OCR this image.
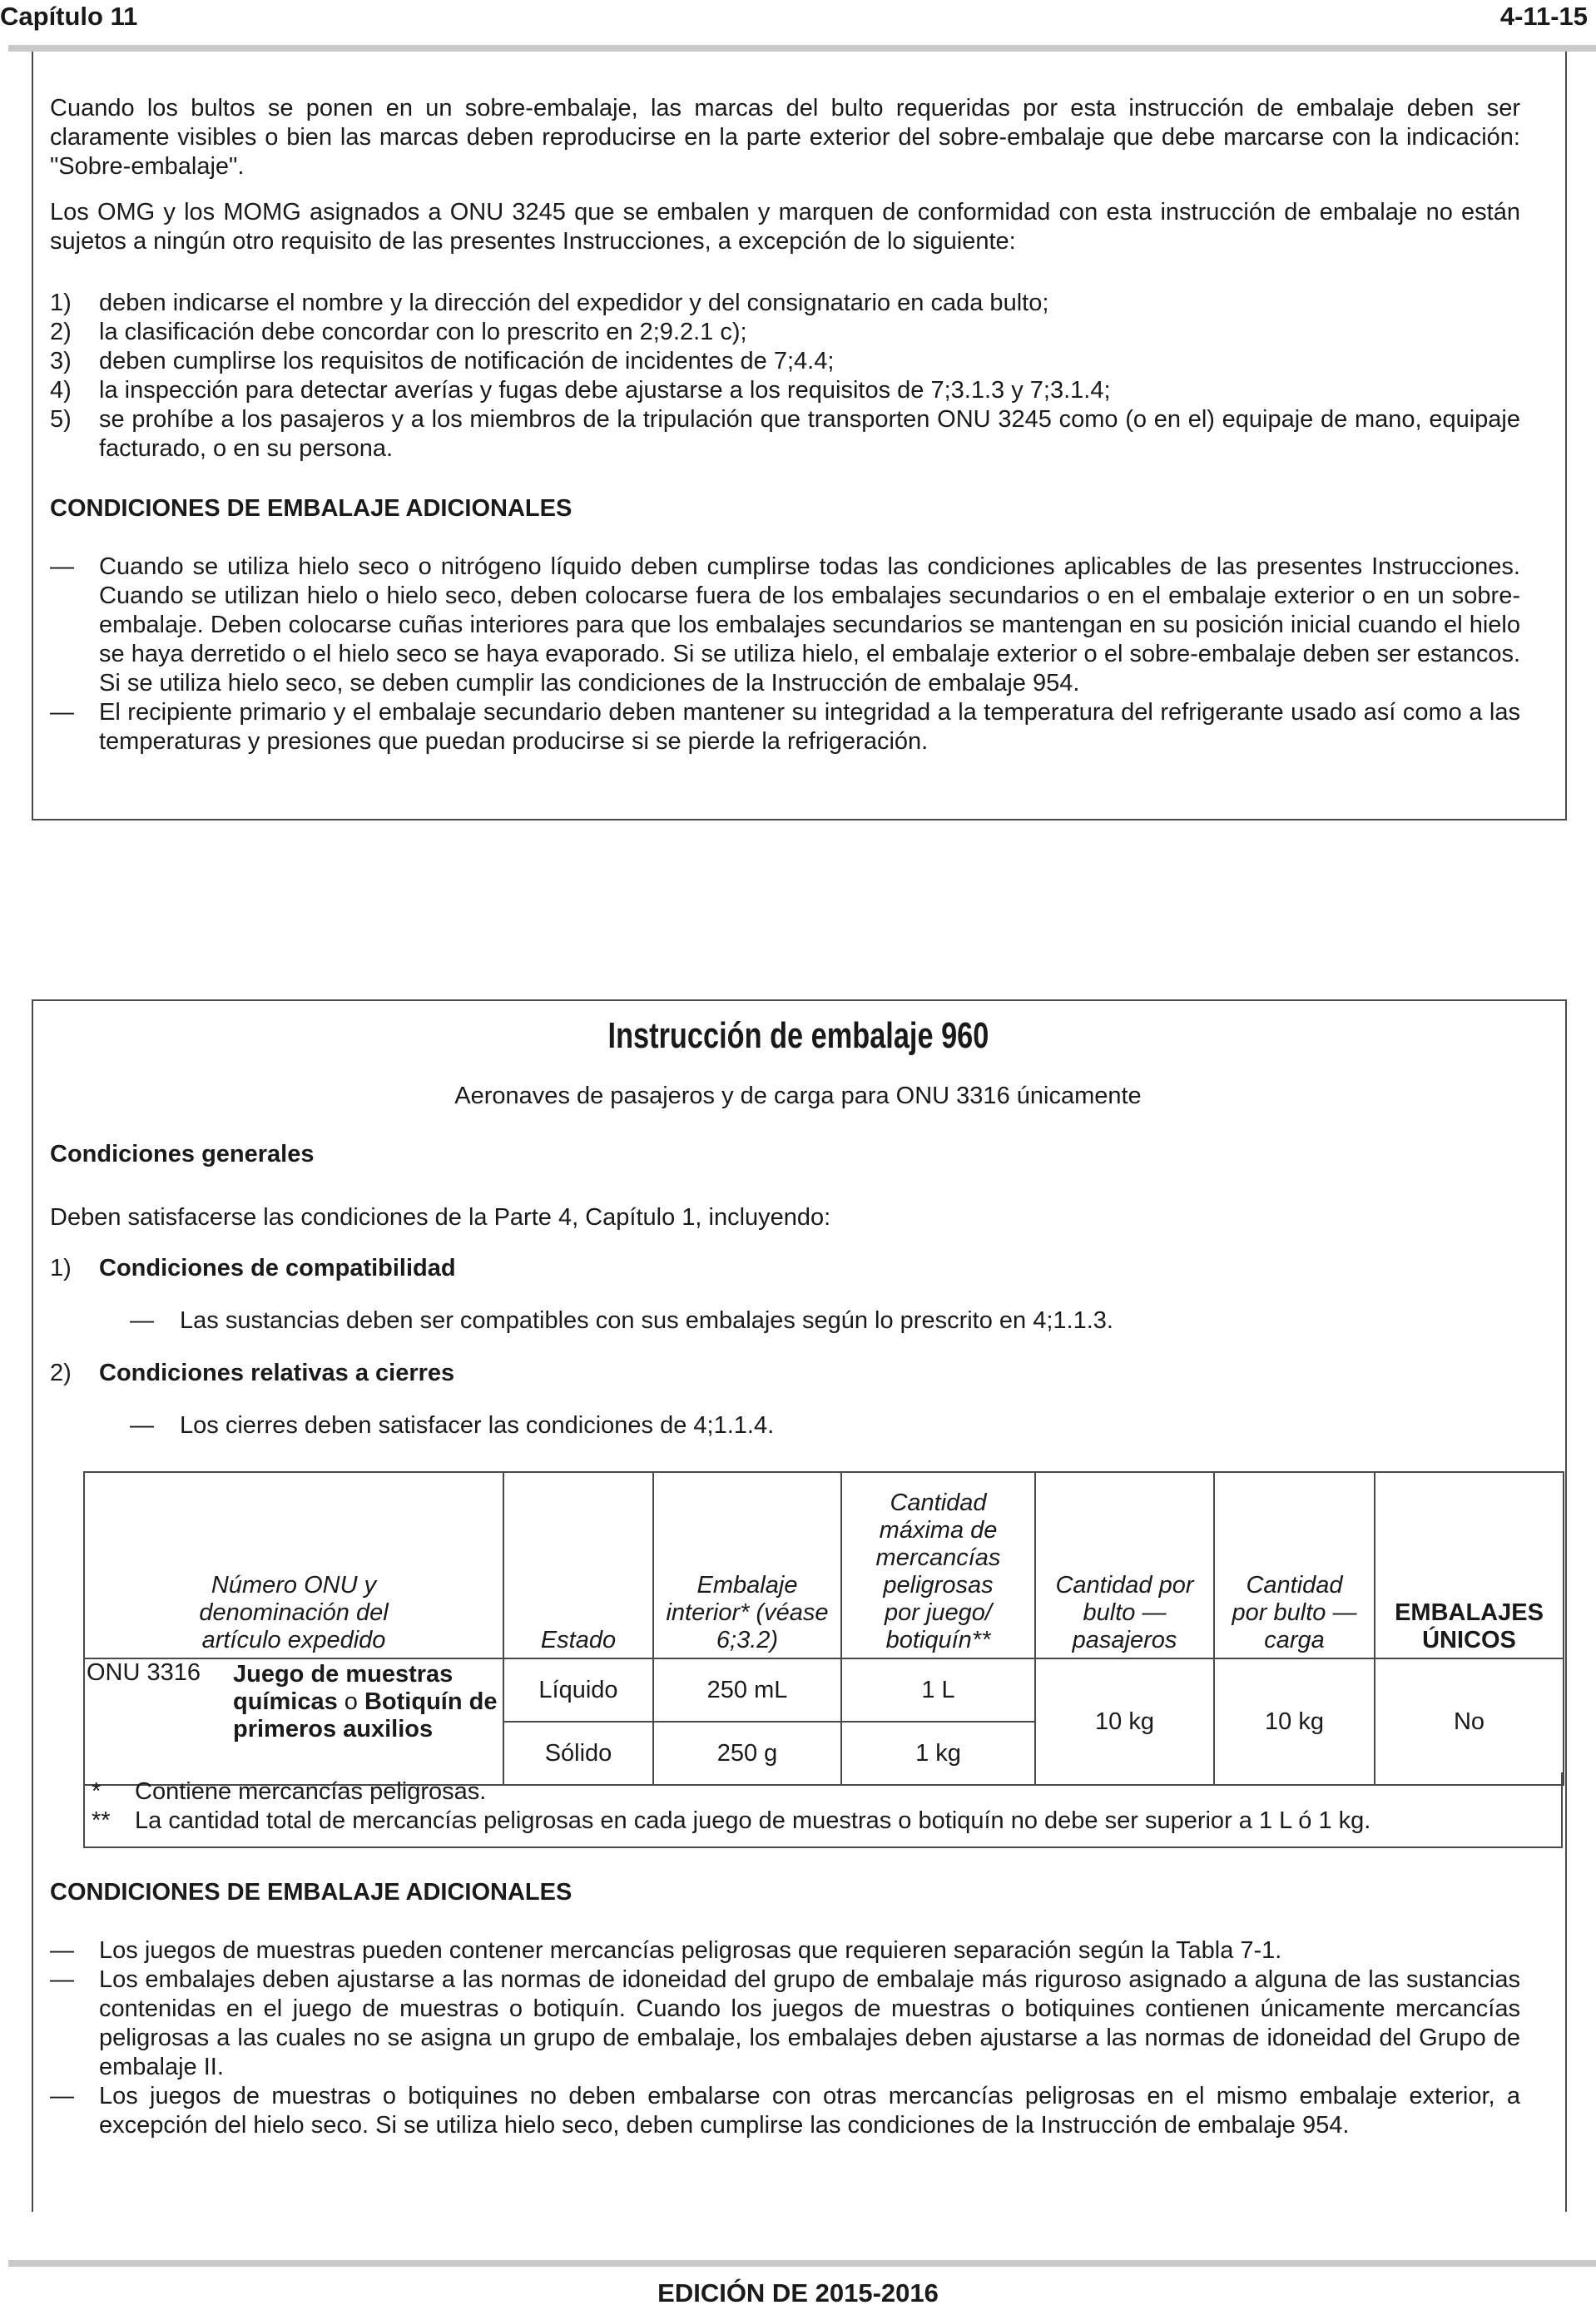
Capítulo 11	4-11-15
Cuando los bultos se ponen en un sobre-embalaje, las marcas del bulto requeridas por esta instrucción de embalaje deben ser claramente visibles o bien las marcas deben reproducirse en la parte exterior del sobre-embalaje que debe marcarse con la indicación: "Sobre-embalaje".
Los OMG y los MOMG asignados a ONU 3245 que se embalen y marquen de conformidad con esta instrucción de embalaje no están sujetos a ningún otro requisito de las presentes Instrucciones, a excepción de lo siguiente:
1) deben indicarse el nombre y la dirección del expedidor y del consignatario en cada bulto;
2) la clasificación debe concordar con lo prescrito en 2;9.2.1 c);
3) deben cumplirse los requisitos de notificación de incidentes de 7;4.4;
4) la inspección para detectar averías y fugas debe ajustarse a los requisitos de 7;3.1.3 y 7;3.1.4;
5) se prohíbe a los pasajeros y a los miembros de la tripulación que transporten ONU 3245 como (o en el) equipaje de mano, equipaje facturado, o en su persona.
CONDICIONES DE EMBALAJE ADICIONALES
— Cuando se utiliza hielo seco o nitrógeno líquido deben cumplirse todas las condiciones aplicables de las presentes Instrucciones. Cuando se utilizan hielo o hielo seco, deben colocarse fuera de los embalajes secundarios o en el embalaje exterior o en un sobre-embalaje. Deben colocarse cuñas interiores para que los embalajes secundarios se mantengan en su posición inicial cuando el hielo se haya derretido o el hielo seco se haya evaporado. Si se utiliza hielo, el embalaje exterior o el sobre-embalaje deben ser estancos. Si se utiliza hielo seco, se deben cumplir las condiciones de la Instrucción de embalaje 954.
— El recipiente primario y el embalaje secundario deben mantener su integridad a la temperatura del refrigerante usado así como a las temperaturas y presiones que puedan producirse si se pierde la refrigeración.
Instrucción de embalaje 960
Aeronaves de pasajeros y de carga para ONU 3316 únicamente
Condiciones generales
Deben satisfacerse las condiciones de la Parte 4, Capítulo 1, incluyendo:
1) Condiciones de compatibilidad
—	Las sustancias deben ser compatibles con sus embalajes según lo prescrito en 4;1.1.3.
2) Condiciones relativas a cierres
—	Los cierres deben satisfacer las condiciones de 4;1.1.4.
Número ONU y denominación del artículo expedido	Estado	Embalaje interior* (véase 6;3.2)	Cantidad máxima de mercancías peligrosas por juego/ botiquín**	Cantidad por bulto — pasajeros	Cantidad por bulto — carga	EMBALAJES ÚNICOS

ONU 3316 Juego de muestras químicas o Botiquín de primeros auxilios	Líquido	250 mL	1 L	10 kg	10 kg	No
	Sólido	250 g	1 kg			
* Contiene mercancías peligrosas.
** La cantidad total de mercancías peligrosas en cada juego de muestras o botiquín no debe ser superior a 1 L ó 1 kg.
CONDICIONES DE EMBALAJE ADICIONALES
— Los juegos de muestras pueden contener mercancías peligrosas que requieren separación según la Tabla 7-1.
— Los embalajes deben ajustarse a las normas de idoneidad del grupo de embalaje más riguroso asignado a alguna de las sustancias contenidas en el juego de muestras o botiquín. Cuando los juegos de muestras o botiquines contienen únicamente mercancías peligrosas a las cuales no se asigna un grupo de embalaje, los embalajes deben ajustarse a las normas de idoneidad del Grupo de embalaje II.
— Los juegos de muestras o botiquines no deben embalarse con otras mercancías peligrosas en el mismo embalaje exterior, a excepción del hielo seco. Si se utiliza hielo seco, deben cumplirse las condiciones de la Instrucción de embalaje 954.
EDICIÓN DE 2015-2016
